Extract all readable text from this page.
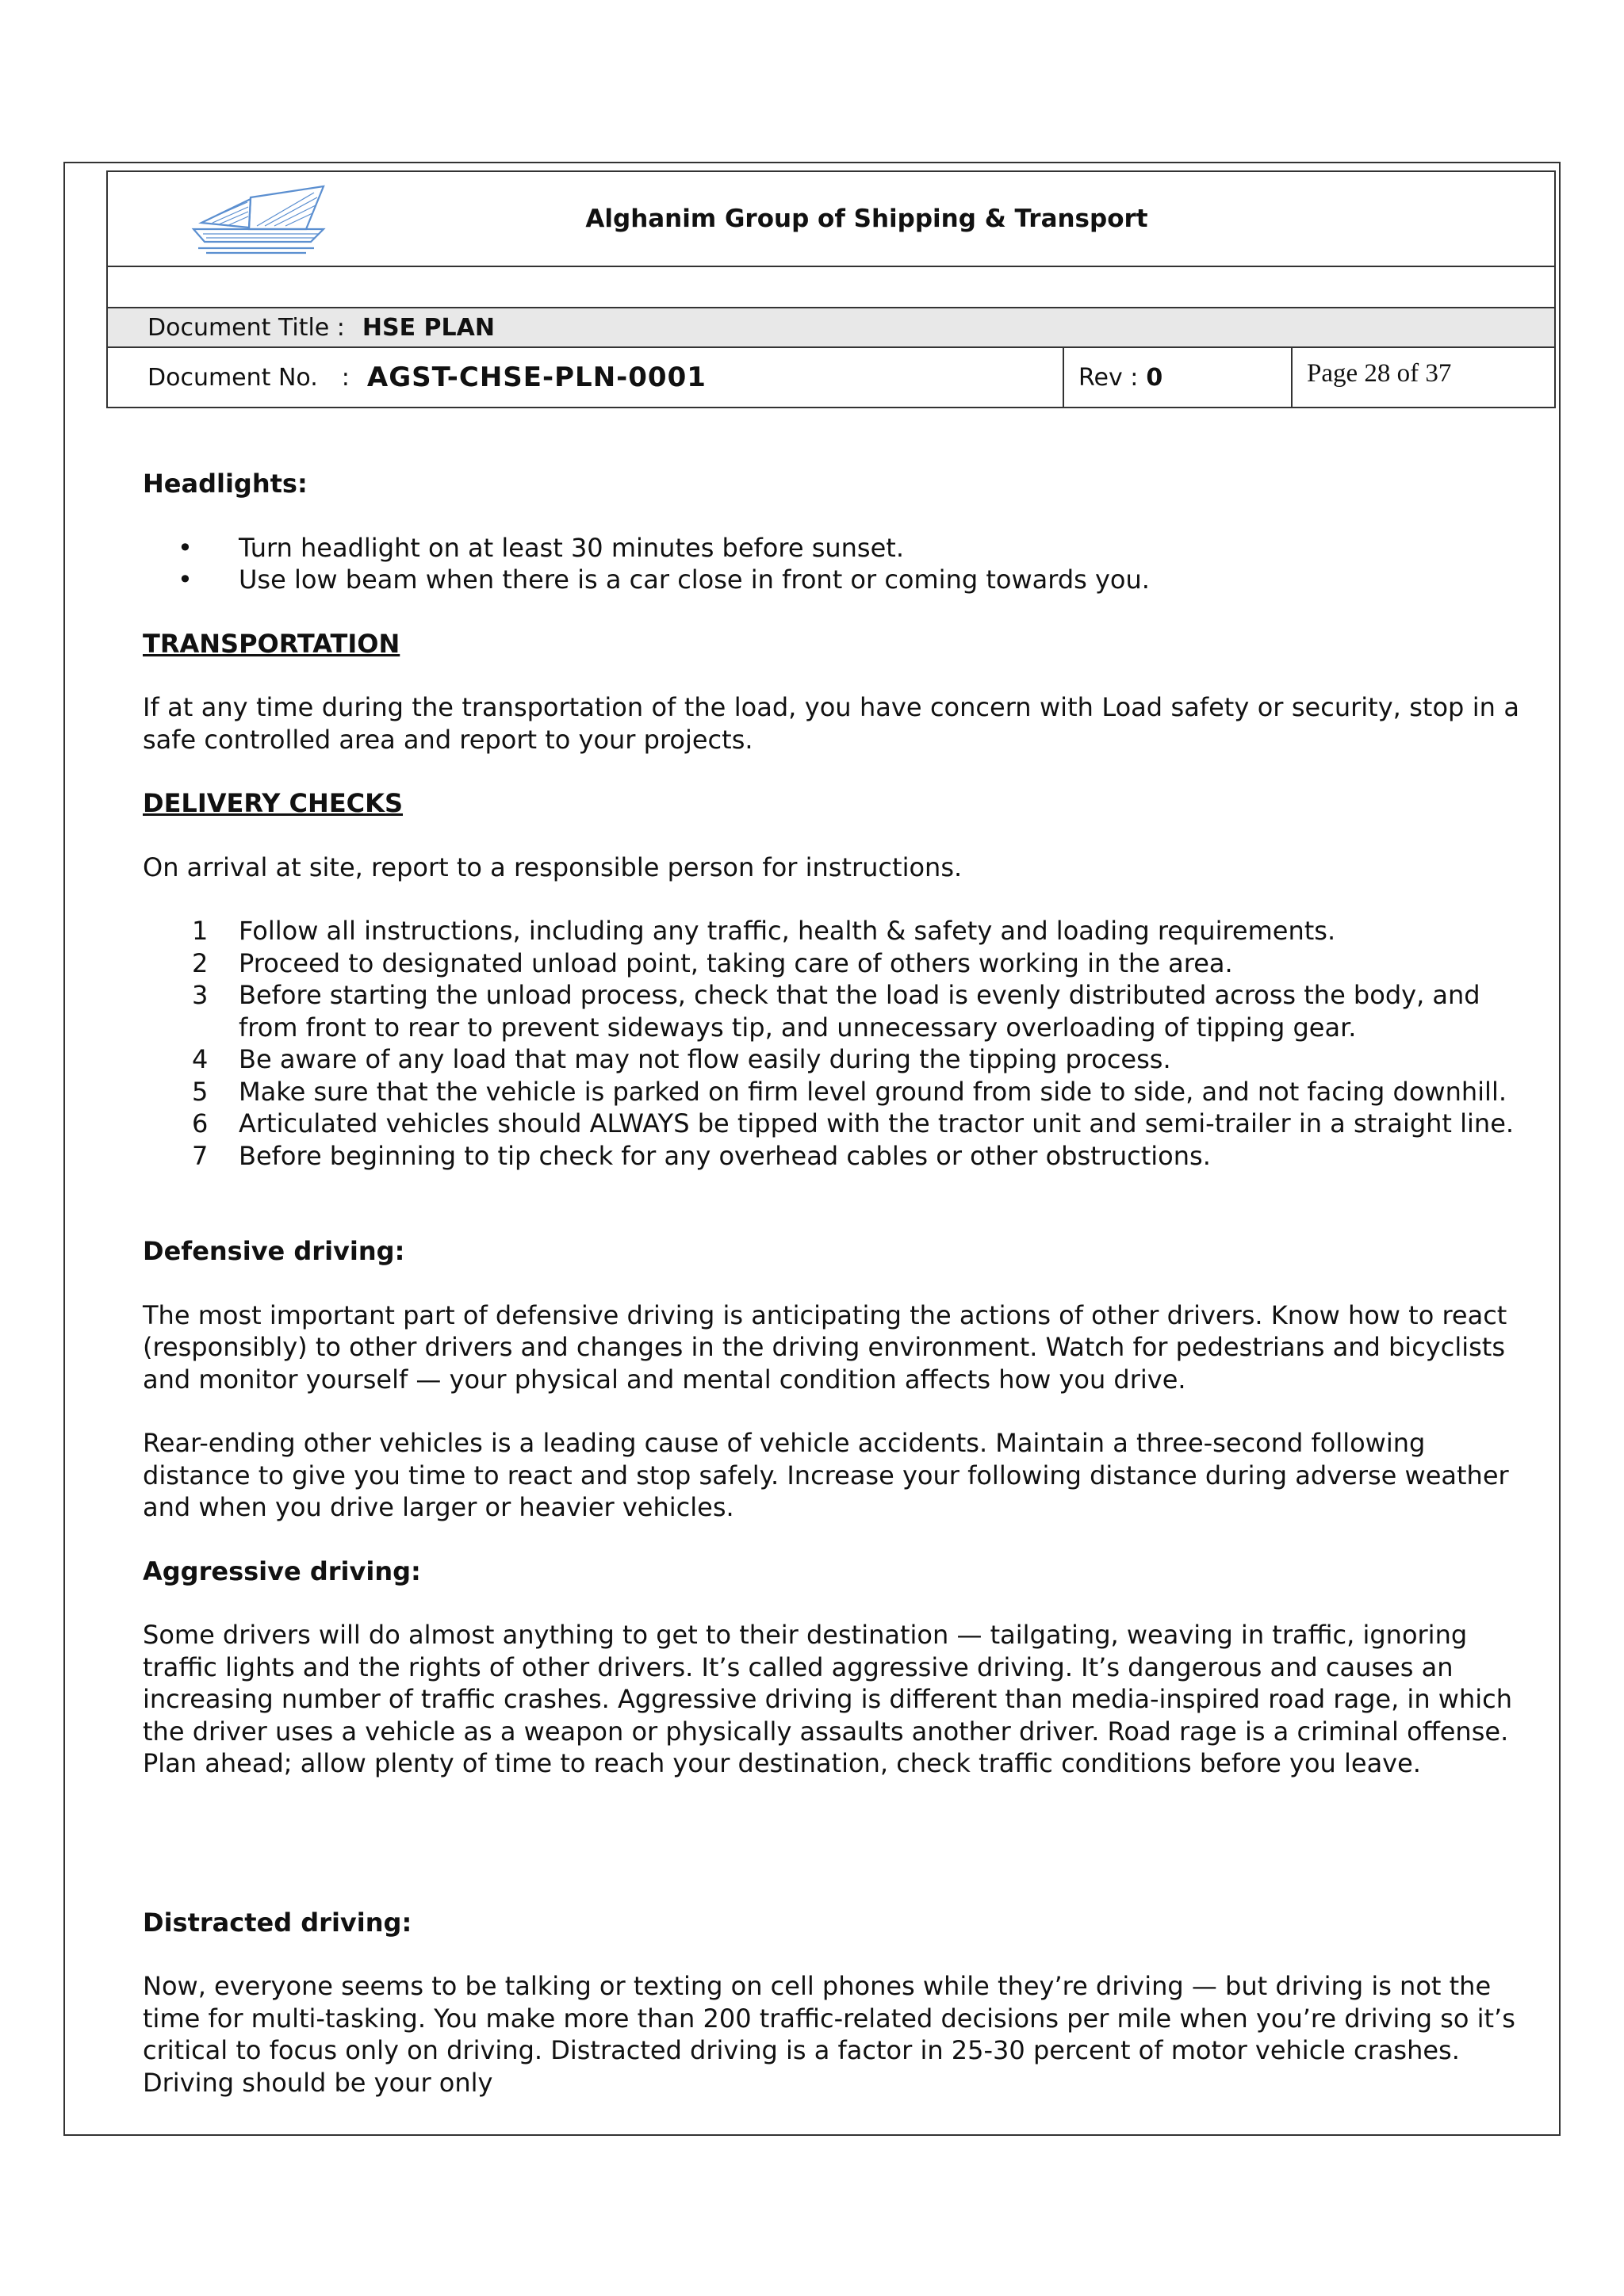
Alghanim Group of Shipping & Transport
Document Title : HSE PLAN
Document No. : AGST-CHSE-PLN-0001	Rev : 0	Page 28 of 37

Headlights:

• Turn headlight on at least 30 minutes before sunset.
• Use low beam when there is a car close in front or coming towards you.

TRANSPORTATION

If at any time during the transportation of the load, you have concern with Load safety or security, stop in a safe controlled area and report to your projects.

DELIVERY CHECKS

On arrival at site, report to a responsible person for instructions.

1 Follow all instructions, including any traffic, health & safety and loading requirements.
2 Proceed to designated unload point, taking care of others working in the area.
3 Before starting the unload process, check that the load is evenly distributed across the body, and from front to rear to prevent sideways tip, and unnecessary overloading of tipping gear.
4 Be aware of any load that may not flow easily during the tipping process.
5 Make sure that the vehicle is parked on firm level ground from side to side, and not facing downhill.
6 Articulated vehicles should ALWAYS be tipped with the tractor unit and semi-trailer in a straight line.
7 Before beginning to tip check for any overhead cables or other obstructions.

Defensive driving:

The most important part of defensive driving is anticipating the actions of other drivers. Know how to react (responsibly) to other drivers and changes in the driving environment. Watch for pedestrians and bicyclists and monitor yourself — your physical and mental condition affects how you drive.

Rear-ending other vehicles is a leading cause of vehicle accidents. Maintain a three-second following distance to give you time to react and stop safely. Increase your following distance during adverse weather and when you drive larger or heavier vehicles.

Aggressive driving:

Some drivers will do almost anything to get to their destination — tailgating, weaving in traffic, ignoring traffic lights and the rights of other drivers. It’s called aggressive driving. It’s dangerous and causes an increasing number of traffic crashes. Aggressive driving is different than media-inspired road rage, in which the driver uses a vehicle as a weapon or physically assaults another driver. Road rage is a criminal offense. Plan ahead; allow plenty of time to reach your destination, check traffic conditions before you leave.

Distracted driving:

Now, everyone seems to be talking or texting on cell phones while they’re driving — but driving is not the time for multi-tasking. You make more than 200 traffic-related decisions per mile when you’re driving so it’s critical to focus only on driving. Distracted driving is a factor in 25-30 percent of motor vehicle crashes. Driving should be your only
